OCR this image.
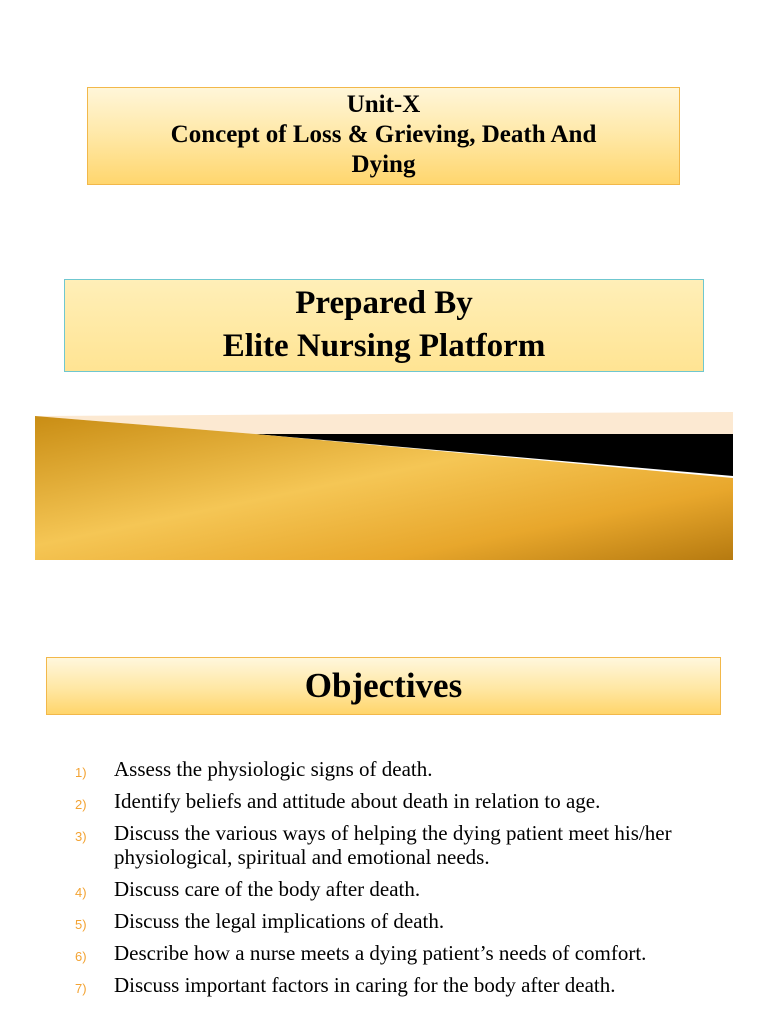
Unit-X
Concept of Loss & Grieving, Death And
Dying
Prepared By
Elite Nursing Platform
Objectives
1) Assess the physiologic signs of death.
2) Identify beliefs and attitude about death in relation to age.
3) Discuss the various ways of helping the dying patient meet his/her physiological, spiritual and emotional needs.
4) Discuss care of the body after death.
5) Discuss the legal implications of death.
6) Describe how a nurse meets a dying patient’s needs of comfort.
7) Discuss important factors in caring for the body after death.
